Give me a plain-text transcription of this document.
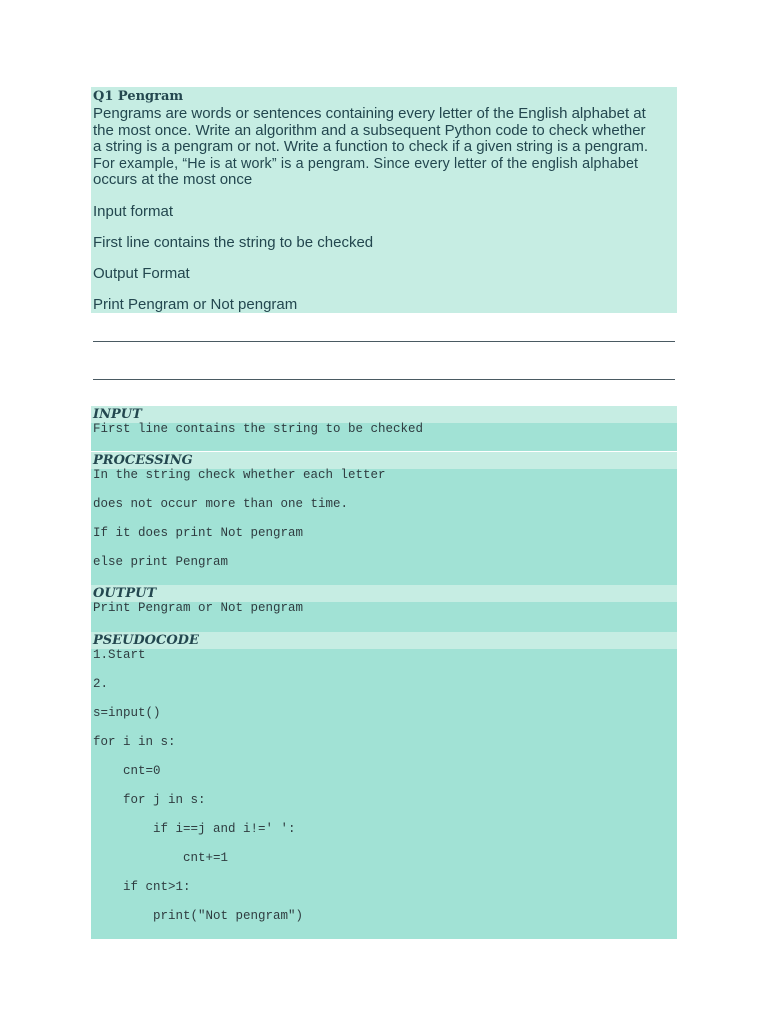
Q1 Pengram
Pengrams are words or sentences containing every letter of the English alphabet at
the most once. Write an algorithm and a subsequent Python code to check whether
a string is a pengram or not. Write a function to check if a given string is a pengram.
For example, “He is at work” is a pengram. Since every letter of the english alphabet
occurs at the most once
Input format
First line contains the string to be checked
Output Format
Print Pengram or Not pengram
INPUT
First line contains the string to be checked
PROCESSING
In the string check whether each letter
does not occur more than one time.
If it does print Not pengram
else print Pengram
OUTPUT
Print Pengram or Not pengram
PSEUDOCODE
1.Start
2.
s=input()
for i in s:
cnt=0
for j in s:
if i==j and i!=' ':
cnt+=1
if cnt>1:
print("Not pengram")
